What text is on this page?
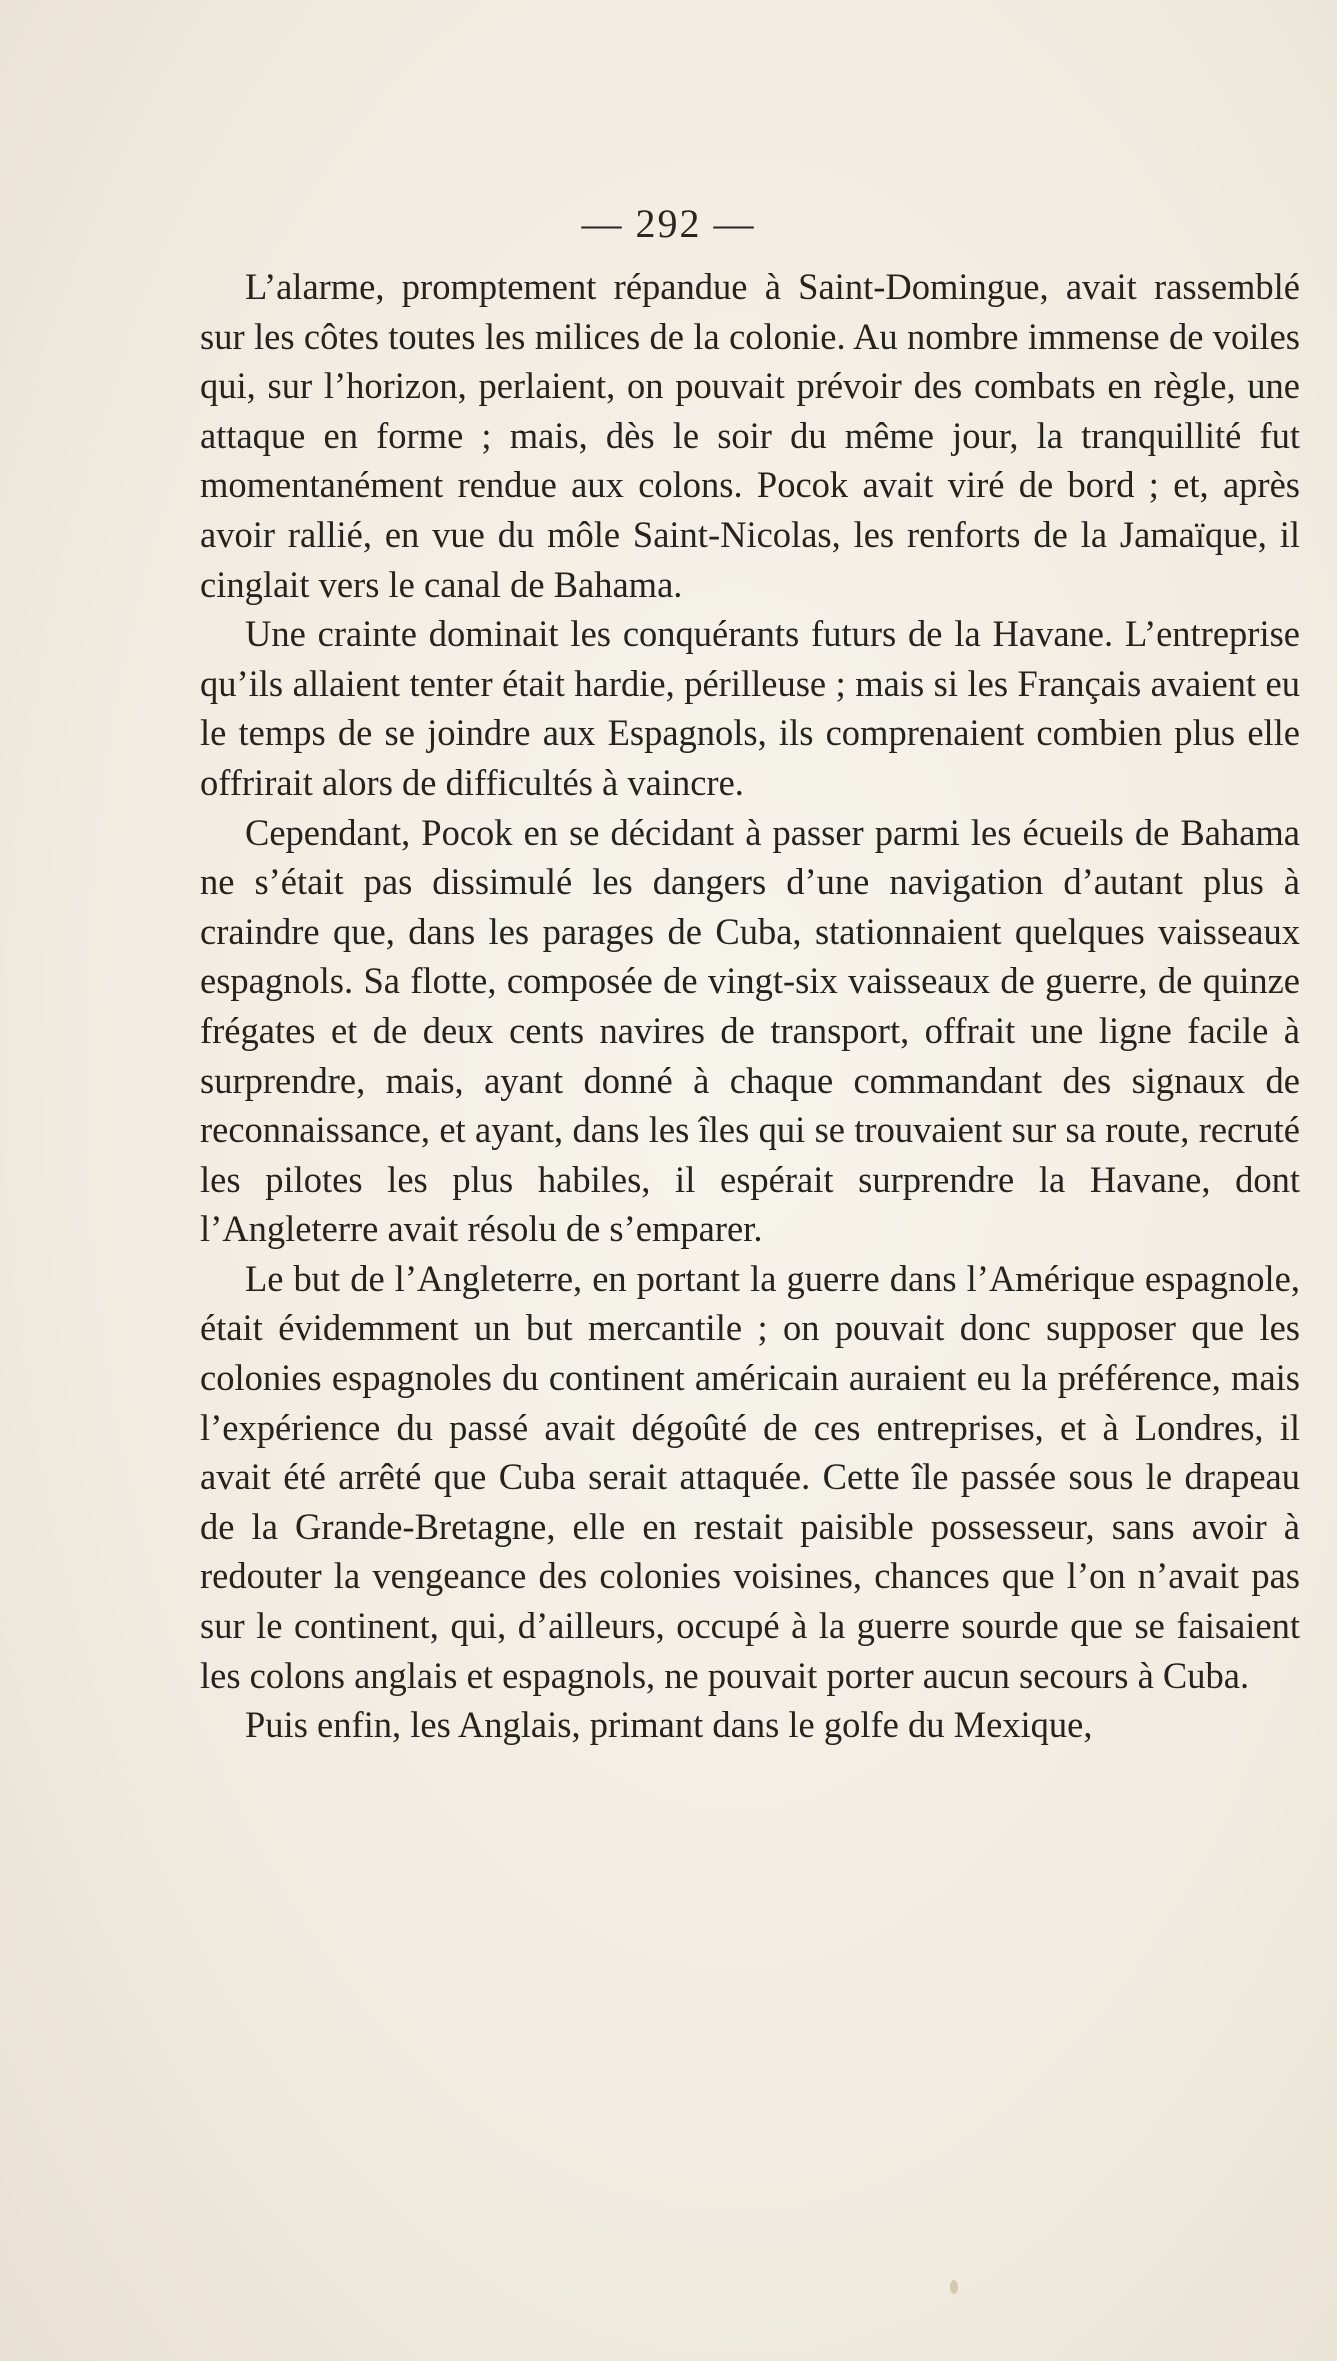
— 292 —

L’alarme, promptement répandue à Saint-Domingue, avait rassemblé sur les côtes toutes les milices de la colonie. Au nombre immense de voiles qui, sur l’horizon, perlaient, on pouvait prévoir des combats en règle, une attaque en forme ; mais, dès le soir du même jour, la tranquillité fut momentanément rendue aux colons. Pocok avait viré de bord ; et, après avoir rallié, en vue du môle Saint-Nicolas, les renforts de la Jamaïque, il cinglait vers le canal de Bahama.

Une crainte dominait les conquérants futurs de la Havane. L’entreprise qu’ils allaient tenter était hardie, périlleuse ; mais si les Français avaient eu le temps de se joindre aux Espagnols, ils comprenaient combien plus elle offrirait alors de difficultés à vaincre.

Cependant, Pocok en se décidant à passer parmi les écueils de Bahama ne s’était pas dissimulé les dangers d’une navigation d’autant plus à craindre que, dans les parages de Cuba, stationnaient quelques vaisseaux espagnols. Sa flotte, composée de vingt-six vaisseaux de guerre, de quinze frégates et de deux cents navires de transport, offrait une ligne facile à surprendre, mais, ayant donné à chaque commandant des signaux de reconnaissance, et ayant, dans les îles qui se trouvaient sur sa route, recruté les pilotes les plus habiles, il espérait surprendre la Havane, dont l’Angleterre avait résolu de s’emparer.

Le but de l’Angleterre, en portant la guerre dans l’Amérique espagnole, était évidemment un but mercantile ; on pouvait donc supposer que les colonies espagnoles du continent américain auraient eu la préférence, mais l’expérience du passé avait dégoûté de ces entreprises, et à Londres, il avait été arrêté que Cuba serait attaquée. Cette île passée sous le drapeau de la Grande-Bretagne, elle en restait paisible possesseur, sans avoir à redouter la vengeance des colonies voisines, chances que l’on n’avait pas sur le continent, qui, d’ailleurs, occupé à la guerre sourde que se faisaient les colons anglais et espagnols, ne pouvait porter aucun secours à Cuba.

Puis enfin, les Anglais, primant dans le golfe du Mexique,
